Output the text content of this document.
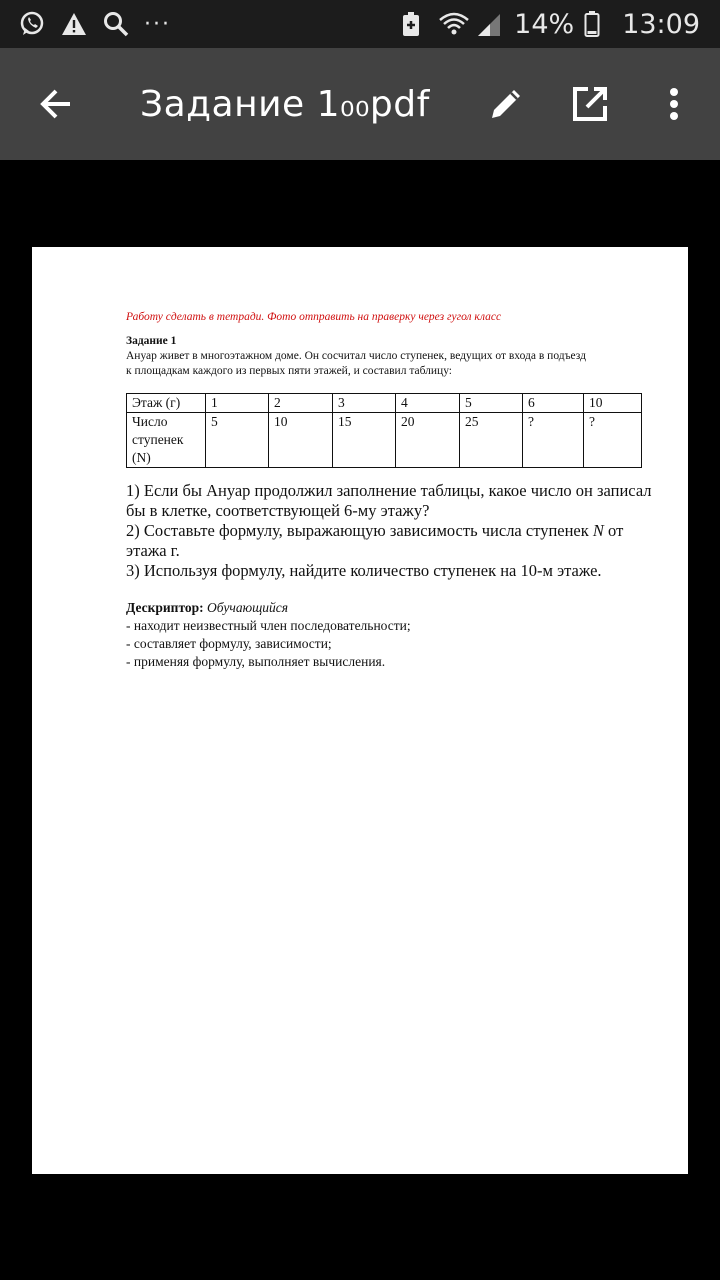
···	14% 13:09
Задание 1₀₀pdf
Работу сделать в тетради. Фото отправить на праверку через гугол класс
Задание 1
Ануар живет в многоэтажном доме. Он сосчитал число ступенек, ведущих от входа в подъезд
к площадкам каждого из первых пяти этажей, и составил таблицу:
Этаж (г)	1	2	3	4	5	6	10

Число
ступенек
(N)	5	10	15	20	25	?	?

1) Если бы Ануар продолжил заполнение таблицы, какое число он записал бы в клетке, соответствующей 6-му этажу?

2) Составьте формулу, выражающую зависимость числа ступенек N от этажа г.

3) Используя формулу, найдите количество ступенек на 10-м этаже.

Дескриптор: Обучающийся

- находит неизвестный член последовательности;

- составляет формулу, зависимости;

- применяя формулу, выполняет вычисления.
